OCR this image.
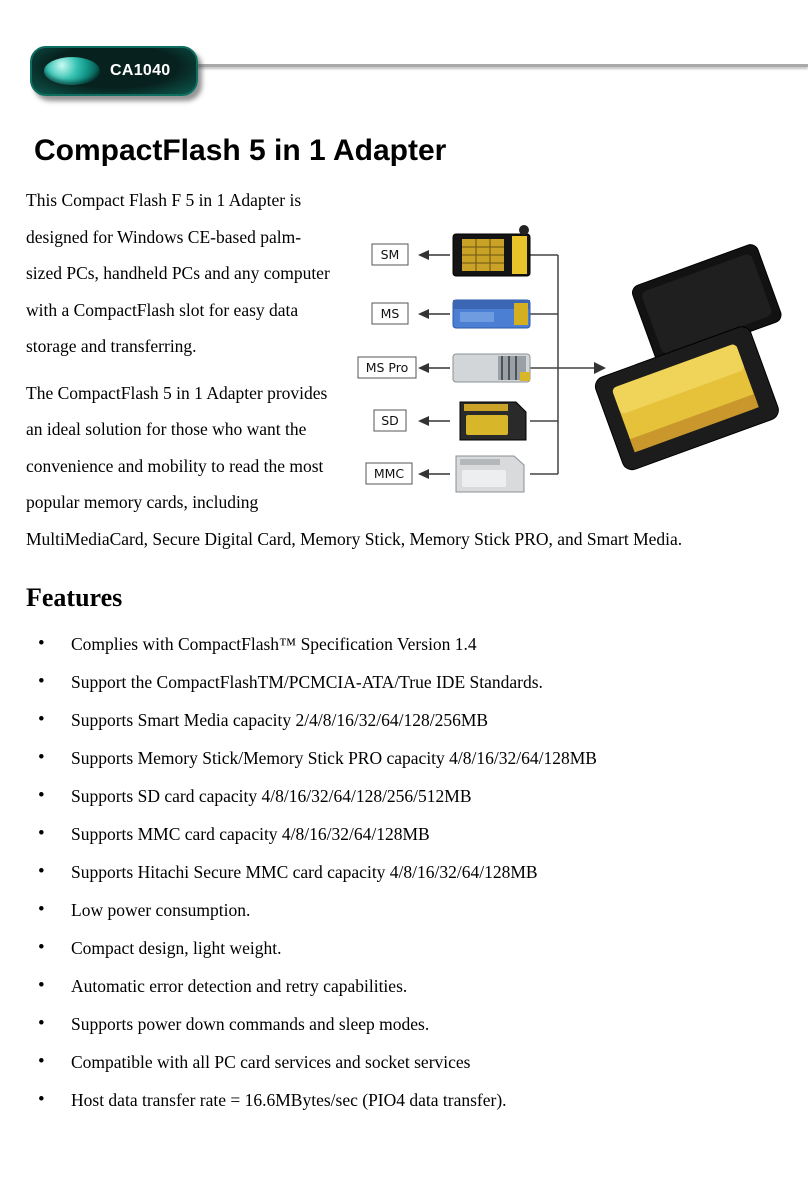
CA1040
CompactFlash 5 in 1 Adapter
SM
MS
MS Pro
SD
MMC

This Compact Flash F 5 in 1 Adapter is designed for Windows CE-based palm-sized PCs, handheld PCs and any computer with a CompactFlash slot for easy data storage and transferring.

The CompactFlash 5 in 1 Adapter provides an ideal solution for those who want the convenience and mobility to read the most popular memory cards, including MultiMediaCard, Secure Digital Card, Memory Stick, Memory Stick PRO, and Smart Media.

Features
• Complies with CompactFlash™ Specification Version 1.4
• Support the CompactFlashTM/PCMCIA-ATA/True IDE Standards.
• Supports Smart Media capacity 2/4/8/16/32/64/128/256MB
• Supports Memory Stick/Memory Stick PRO capacity 4/8/16/32/64/128MB
• Supports SD card capacity 4/8/16/32/64/128/256/512MB
• Supports MMC card capacity 4/8/16/32/64/128MB
• Supports Hitachi Secure MMC card capacity 4/8/16/32/64/128MB
• Low power consumption.
• Compact design, light weight.
• Automatic error detection and retry capabilities.
• Supports power down commands and sleep modes.
• Compatible with all PC card services and socket services
• Host data transfer rate = 16.6MBytes/sec (PIO4 data transfer).
